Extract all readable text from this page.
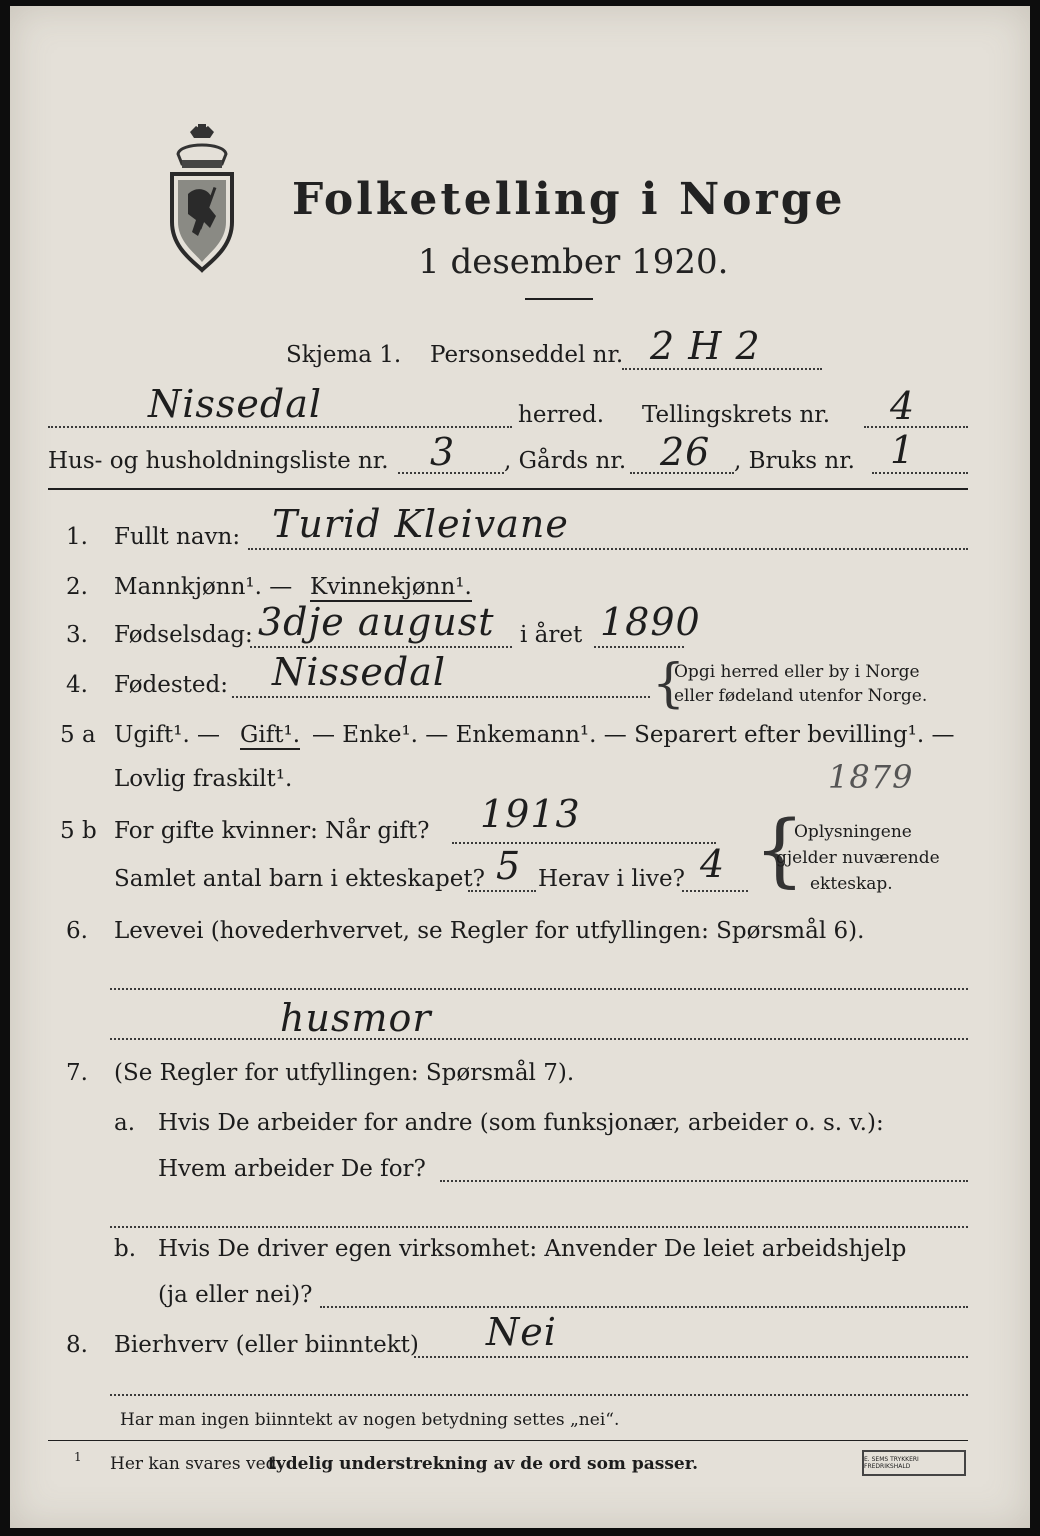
Folketelling i Norge
1 desember 1920.
Skjema 1. Personseddel nr. 2 H 2
Nissedal	herred. Tellingskrets nr. 4
Hus- og husholdningsliste nr. 3 , Gårds nr. 26 , Bruks nr. 1
1. Fullt navn: Turid Kleivane
2. Mannkjønn¹. — Kvinnekjønn¹.
3. Fødselsdag: 3dje august i året 1890
4. Fødested: Nissedal	{
Opgi herred eller by i Norge
eller fødeland utenfor Norge.
5 a Ugift¹. — Gift¹. — Enke¹. — Enkemann¹. — Separert efter bevilling¹. —
Lovlig fraskilt¹.	1879
5 b For gifte kvinner: Når gift? 1913
Samlet antal barn i ekteskapet? 5 Herav i live? 4 {
Oplysningene
gjelder nuværende
ekteskap.
6. Levevei (hovederhvervet, se Regler for utfyllingen: Spørsmål 6).
husmor
7. (Se Regler for utfyllingen: Spørsmål 7).
a. Hvis De arbeider for andre (som funksjonær, arbeider o. s. v.):
Hvem arbeider De for?
b. Hvis De driver egen virksomhet: Anvender De leiet arbeidshjelp
(ja eller nei)?
8. Bierhverv (eller biinntekt) Nei
Har man ingen biinntekt av nogen betydning settes „nei“.
1 Her kan svares ved
tydelig understrekning av de ord som passer.	E. SEMS TRYKKERI FREDRIKSHALD
